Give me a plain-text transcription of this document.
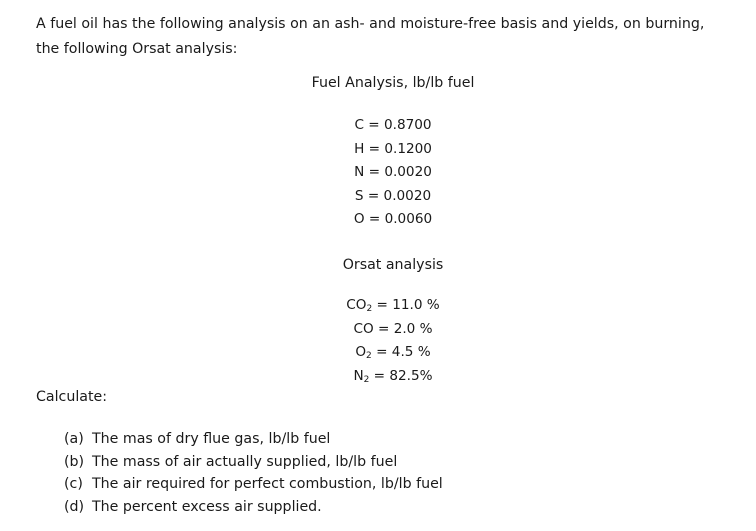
A fuel oil has the following analysis on an ash- and moisture-free basis and yields, on burning, the following Orsat analysis:

Fuel Analysis, lb/lb fuel

C = 0.8700
H = 0.1200
N = 0.0020
S = 0.0020
O = 0.0060

Orsat analysis

$CO_2 = 11.0$ %
CO = 2.0 %
$O_2 = 4.5$ %
$N_2 = 82.5\%$

Calculate:

(a) The mas of dry flue gas, lb/lb fuel
(b) The mass of air actually supplied, lb/lb fuel
(c) The air required for perfect combustion, lb/lb fuel
(d) The percent excess air supplied.
